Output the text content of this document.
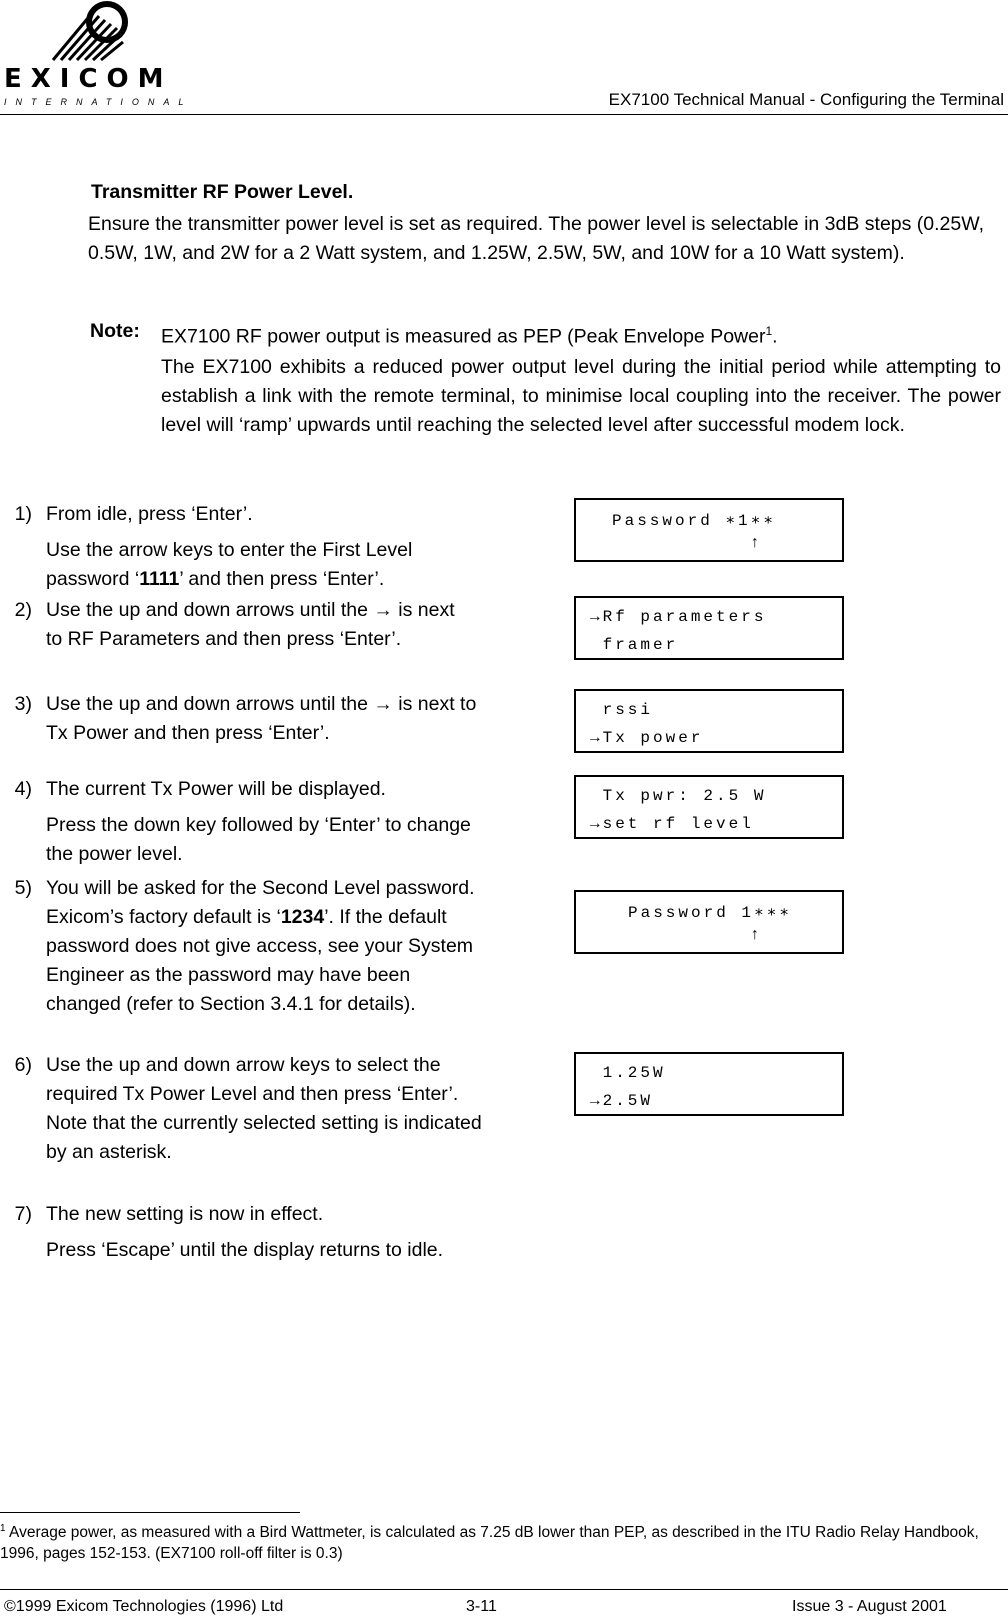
EXICOM
INTERNATIONAL	EX7100 Technical Manual - Configuring the Terminal
Transmitter RF Power Level.
Ensure the transmitter power level is set as required. The power level is selectable in 3dB steps (0.25W, 0.5W, 1W, and 2W for a 2 Watt system, and 1.25W, 2.5W, 5W, and 10W for a 10 Watt system).
Note: EX7100 RF power output is measured as PEP (Peak Envelope Power$^1$.
The EX7100 exhibits a reduced power output level during the initial period while attempting to establish a link with the remote terminal, to minimise local coupling into the receiver. The power level will ‘ramp’ upwards until reaching the selected level after successful modem lock.
1) From idle, press ‘Enter’.
Use the arrow keys to enter the First Level password ‘1111’ and then press ‘Enter’.
2) Use the up and down arrows until the → is next to RF Parameters and then press ‘Enter’.
3) Use the up and down arrows until the → is next to Tx Power and then press ‘Enter’.
4) The current Tx Power will be displayed.
Press the down key followed by ‘Enter’ to change the power level.
5) You will be asked for the Second Level password. Exicom’s factory default is ‘1234’. If the default password does not give access, see your System Engineer as the password may have been changed (refer to Section 3.4.1 for details).
6) Use the up and down arrow keys to select the required Tx Power Level and then press ‘Enter’.
Note that the currently selected setting is indicated by an asterisk.
7) The new setting is now in effect.
Press ‘Escape’ until the display returns to idle.
Password ∗1∗∗
↑
→Rf parameters
framer
rssi
→Tx power
Tx pwr: 2.5 W
→set rf level
Password 1∗∗∗
↑
1.25W
→2.5W
$^1$ Average power, as measured with a Bird Wattmeter, is calculated as 7.25 dB lower than PEP, as described in the ITU Radio Relay Handbook, 1996, pages 152-153. (EX7100 roll-off filter is 0.3)
©1999 Exicom Technologies (1996) Ltd	3-11	Issue 3 - August 2001
